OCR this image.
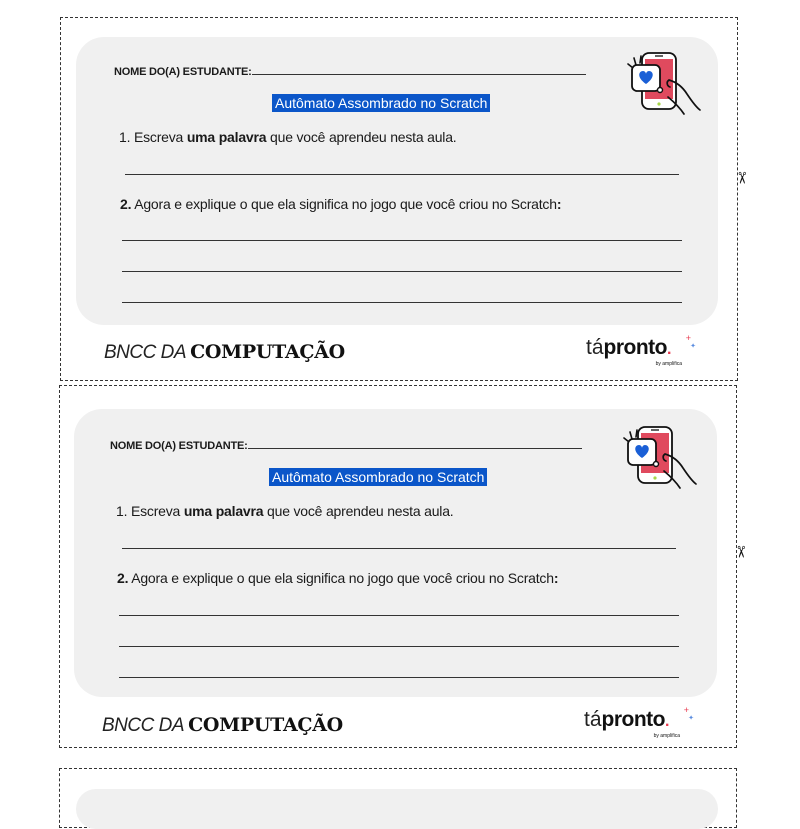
NOME DO(A) ESTUDANTE:
Autômato Assombrado no Scratch
1. Escreva uma palavra que você aprendeu nesta aula.
2. Agora e explique o que ela significa no jogo que você criou no Scratch:
✂
BNCC DA COMPUTAÇÃO	tápronto.
+
✦
by amplifica
NOME DO(A) ESTUDANTE:
Autômato Assombrado no Scratch
1. Escreva uma palavra que você aprendeu nesta aula.
2. Agora e explique o que ela significa no jogo que você criou no Scratch:
✂
BNCC DA COMPUTAÇÃO	tápronto.
+
✦
by amplifica
